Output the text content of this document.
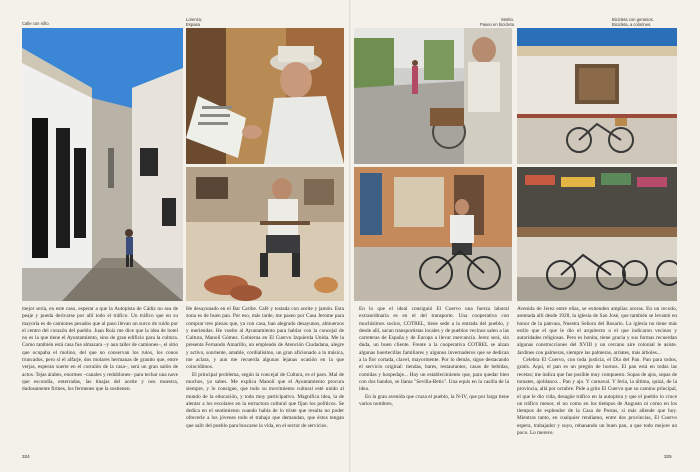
Calle con niño.
Lorenzo,
Espasa

mejor sería, en este caso, esperar a que la Autopista de Cádiz no sea de peaje y pueda derivarse por allí todo el tráfico. Un tráfico que en su mayoría es de camiones pesados que al paso llevan un surco de ruido por el centro del corazón del pueblo. Juan Ruiz me dice que la idea de hotel no es la que tiene el Ayuntamiento, sino de gran edificio para la cultura. Como también está casa fue almazara –y aun taller de camiones–, el sitio que ocupaba el molino, del que no conservan los rulos, los conos truncados, pero sí el alfarje, dos molares hermanas de granito que, entre verjas, esperan suerte en el corralón de la casa–, será un gran salón de actos. Tejas árabes, enormes –canales y redoblones– para techar una nave que escondía, enterradas, las tinajas del aceite y nos muestra, dudosamente firmes, los fermenes que la sostienen.

He desayunado en el Bar Caribe. Café y tostada con aceite y jamón. Esta zona es de buen pan. Por eso, más tarde, me paseo por Casa Jerome para comprar tres piezas que, ya con casa, han alegrado desayunos, almuerzos y meriendas. He vuelto al Ayuntamiento para hablar con la concejal de Cultura, Manolí Gómez. Gobierna en El Cuervo Izquierda Unida. Me la presenta Fernando Amarillo, un empleado de Atención Ciudadana, alegre y activo, sonriente, amable, cordialísimo, un gran aficionado a la música, me aclara, y aun me recuerda algunas lejanas ocasión en la que coincidimos.

El principal problema, según la concejal de Cultura, es el paro. Mal de muchos, ya sabes. Me explica Manolí que el Ayuntamiento procura siempre, y lo consigue, que todo su movimiento cultural esté unido al mundo de la educación, y todo muy participativo. Magnífica idea, la de alentar a los escolares en la estructura cultural que fijan los políticos. Se dedica en el sentimiento cuando habla de lo triste que resulta no poder ofrecerle a los jóvenes todo el trabajo que demandan, que éstos tengan que salir del pueblo para buscarse la vida, en el sector de servicios.

324
Morito.
Paseo en bicicleta
Bicicleta con geranios.
Bicicleta, a colorines.

En lo que el ideal consiguió El Cuervo una fuerza laboral extraordinaria es en el del transporte. Una cooperativa con muchísimos socios, COTREL, tiene sede a la entrada del pueblo, y desde allí, sacan transportistas locales y de pueblos vecinos salen a las carreteras de España y de Europa a llevar mercancía. Jerez será, sin duda, un buen cliente. Frente a la cooperativa COTREL se alzan algunas huertecillas familiares y algunos invernaderos que se dedican a la flor cortada, clavel, mayormente. Por lo demás, sigue destacando el servicio original: tiendas, bares, restaurantes, casas de bebidas, comidas y hospedaje... Hay un establecimiento que, para quedar bien con dos bandos, se llama "Sevilla-Betis". Una equis en la casilla de la idea.

En la gran avenida que cruza el pueblo, la N-IV, que por larga tiene varios nombres,

Avenida de Jerez entre ellas, se extienden amplias aceras. En un recodo, asentada allí desde 1928, la iglesia de San José, que también se levantó en honor de la patrona, Nuestra Señora del Rosario. La iglesia no tiene más estilo que el que le dio el arquitecto o el que indicaron vecinos y autoridades religiosas. Pero es bonita, tiene gracia y sus formas recuerdan algunas construcciones del XVIII y un cercano aire colonial le asiste. Jardines con palmeras, siempre las palmeras, arriates, más árboles...

Celebra El Cuervo, con toda justicia, el Día del Pan. Pan para todos, gratis. Aquí, el pan es un pregón de hornos. El pan está en todas las recetas; me indica que fue posible muy compuesto. Sopas de ajos, sopas de tomates, ajoblanco... Pan y ajo. Y carnaval. Y feria, la última, quizá, de la provincia, allá por octubre. Pide a grito El Cuervo que su camino principal, el que le dio vida, desagüe tráfico en la autopista y que el pueblo lo cruce un tráfico menor, el no como en los tiempos de Augusto ni como en los tiempos de esplendor de la Casa de Postas, si más allende que hoy. Mientras tanto, en cualquier rendiamo, entre dos provincias, El Cuervo espera, trabajador y suyo, rebanando un buen pan, a que todo mejore un poco. Lo merece.

325
